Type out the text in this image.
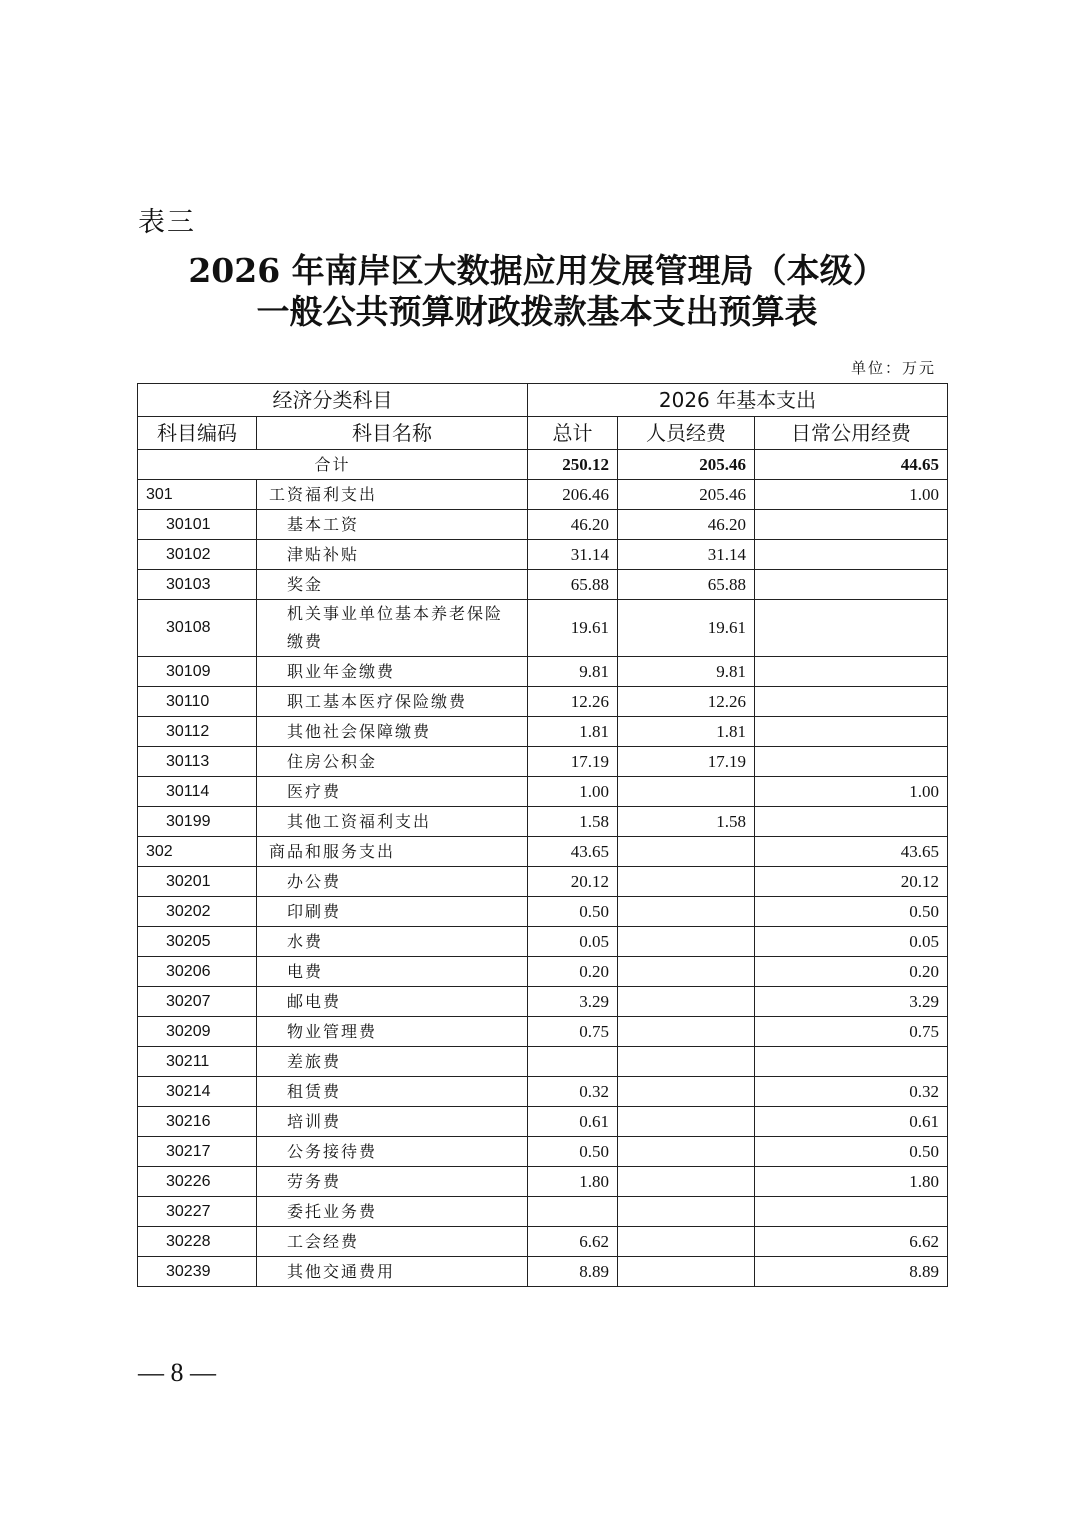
表三
2026 年南岸区大数据应用发展管理局（本级）
一般公共预算财政拨款基本支出预算表
单位：万元
经济分类科目		2026 年基本支出		
科目编码	科目名称	总计	人员经费	日常公用经费
合计		250.12	205.46	44.65
301	工资福利支出	206.46	205.46	1.00
30101	基本工资	46.20	46.20	
30102	津贴补贴	31.14	31.14	
30103	奖金	65.88	65.88	
30108	机关事业单位基本养老保险缴费	19.61	19.61	
30109	职业年金缴费	9.81	9.81	
30110	职工基本医疗保险缴费	12.26	12.26	
30112	其他社会保障缴费	1.81	1.81	
30113	住房公积金	17.19	17.19	
30114	医疗费	1.00		1.00
30199	其他工资福利支出	1.58	1.58	
302	商品和服务支出	43.65		43.65
30201	办公费	20.12		20.12
30202	印刷费	0.50		0.50
30205	水费	0.05		0.05
30206	电费	0.20		0.20
30207	邮电费	3.29		3.29
30209	物业管理费	0.75		0.75
30211	差旅费			
30214	租赁费	0.32		0.32
30216	培训费	0.61		0.61
30217	公务接待费	0.50		0.50
30226	劳务费	1.80		1.80
30227	委托业务费			
30228	工会经费	6.62		6.62
30239	其他交通费用	8.89		8.89
— 8 —
